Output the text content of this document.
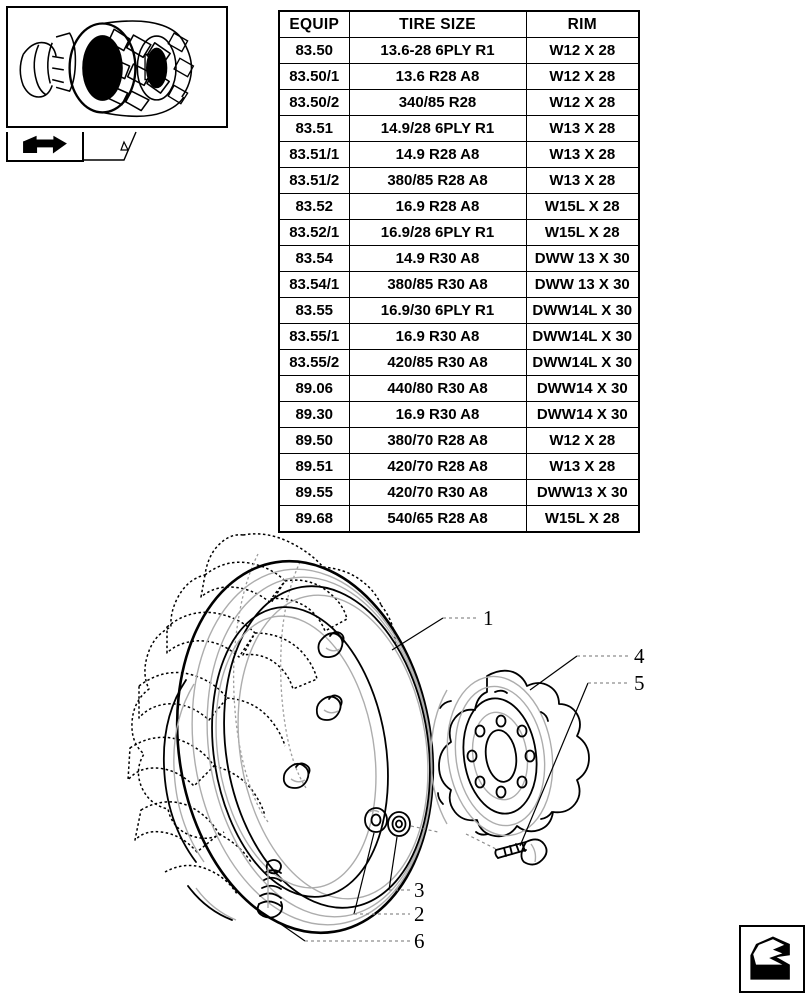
EQUIP	TIRE SIZE	RIM
83.50	13.6-28 6PLY R1	W12 X 28
83.50/1	13.6 R28 A8	W12 X 28
83.50/2	340/85 R28	W12 X 28
83.51	14.9/28 6PLY R1	W13 X 28
83.51/1	14.9 R28 A8	W13 X 28
83.51/2	380/85 R28 A8	W13 X 28
83.52	16.9 R28 A8	W15L X 28
83.52/1	16.9/28 6PLY R1	W15L X 28
83.54	14.9 R30 A8	DWW 13 X 30
83.54/1	380/85 R30 A8	DWW 13 X 30
83.55	16.9/30 6PLY R1	DWW14L X 30
83.55/1	16.9 R30 A8	DWW14L X 30
83.55/2	420/85 R30 A8	DWW14L X 30
89.06	440/80 R30 A8	DWW14 X 30
89.30	16.9 R30 A8	DWW14 X 30
89.50	380/70 R28 A8	W12 X 28
89.51	420/70 R28 A8	W13 X 28
89.55	420/70 R30 A8	DWW13 X 30
89.68	540/65 R28 A8	W15L X 28
1
4
5
3
2
6
